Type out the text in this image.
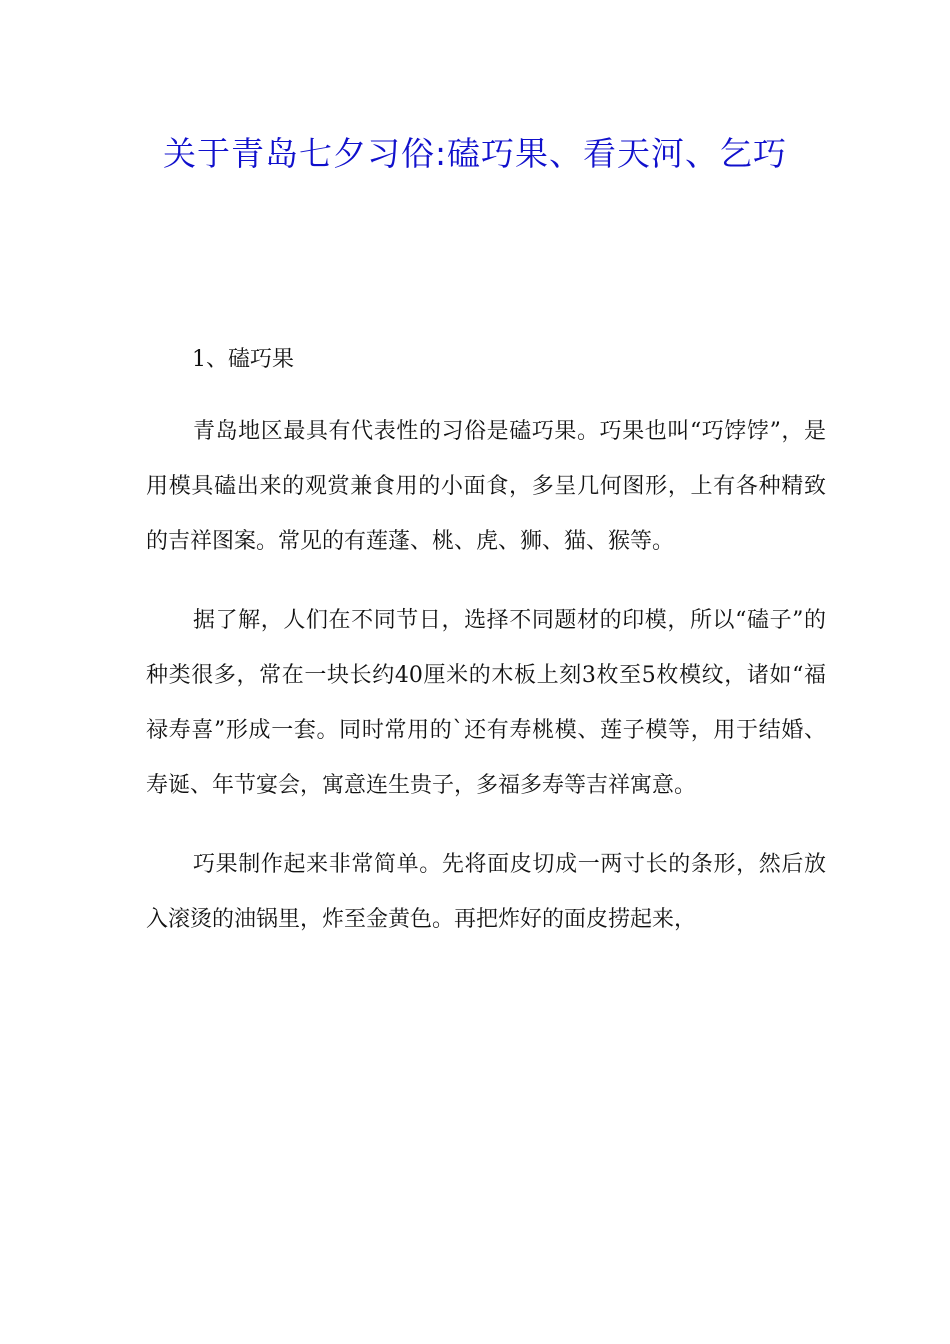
关于青岛七夕习俗:磕巧果、看天河、乞巧

1、磕巧果

青岛地区最具有代表性的习俗是磕巧果。巧果也叫“巧饽饽”，是用模具磕出来的观赏兼食用的小面食，多呈几何图形，上有各种精致的吉祥图案。常见的有莲蓬、桃、虎、狮、猫、猴等。

据了解，人们在不同节日，选择不同题材的印模，所以“磕子”的种类很多，常在一块长约40厘米的木板上刻3枚至5枚模纹，诸如“福禄寿喜”形成一套。同时常用的`还有寿桃模、莲子模等，用于结婚、寿诞、年节宴会，寓意连生贵子，多福多寿等吉祥寓意。

巧果制作起来非常简单。先将面皮切成一两寸长的条形，然后放入滚烫的油锅里，炸至金黄色。再把炸好的面皮捞起来，
